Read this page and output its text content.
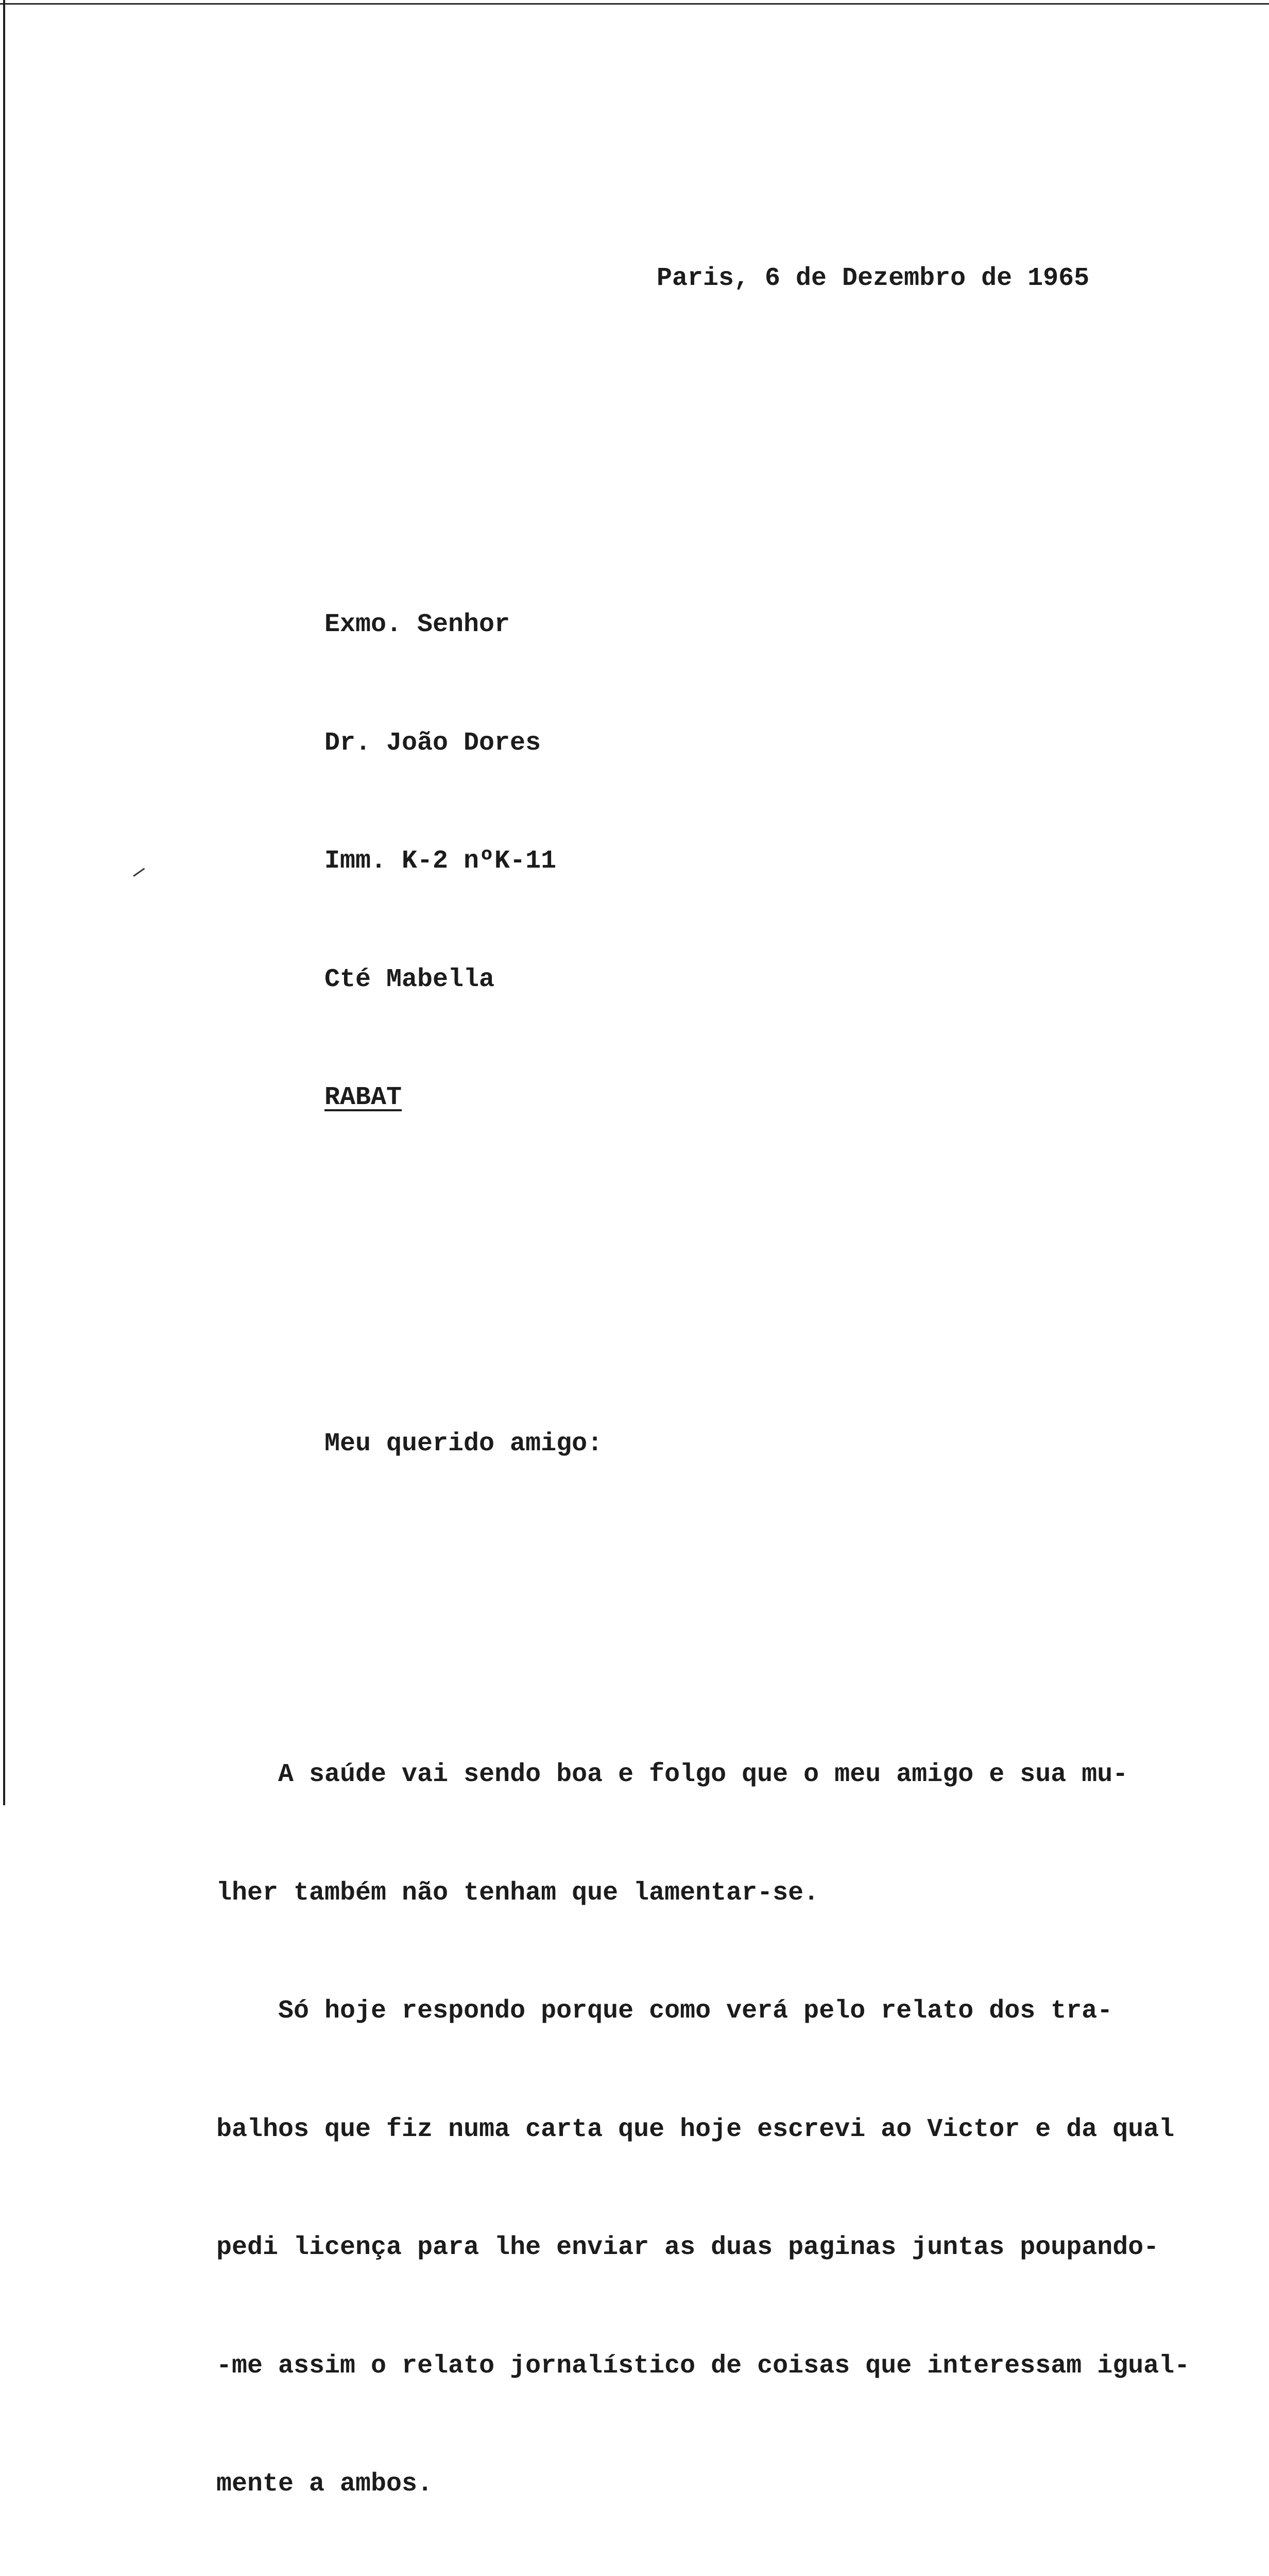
Paris, 6 de Dezembro de 1965

Exmo. Senhor

Dr. João Dores

Imm. K-2 nºK-11

Cté Mabella

RABAT

Meu querido amigo:

A saúde vai sendo boa e folgo que o meu amigo e sua mu-

lher também não tenham que lamentar-se.

Só hoje respondo porque como verá pelo relato dos tra-

balhos que fiz numa carta que hoje escrevi ao Victor e da qual

pedi licença para lhe enviar as duas paginas juntas poupando-

-me assim o relato jornalístico de coisas que interessam igual-

mente a ambos.
